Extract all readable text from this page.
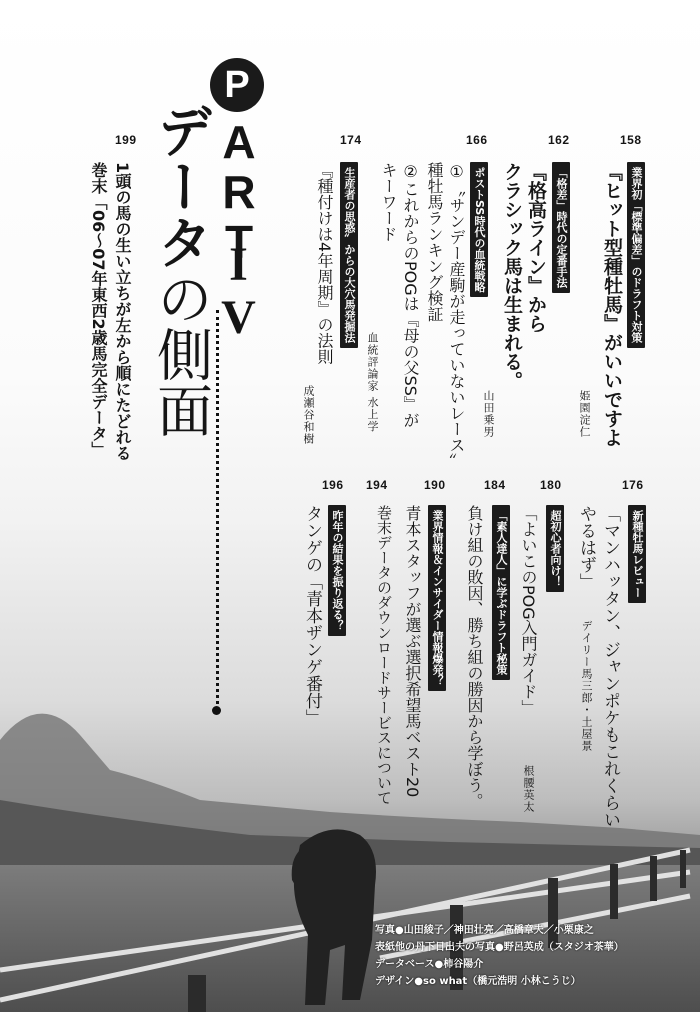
P
ART
IV
データの側面
199
1頭の馬の生い立ちが左から順にたどれる
巻末「06～07年東西2歳馬完全データ」
158
業界初「標準偏差」のドラフト対策
『ヒット型種牡馬』がいいですよ
姫園淀仁
162
「格差」時代の定番手法
『格高ライン』から
クラシック馬は生まれる。
山田乗男
166
ポストSS時代の血統戦略
①〝サンデー産駒が走っていないレース〟
種牡馬ランキング検証
②これからのPOGは『母の父SS』が
キーワード
血統評論家 水上学
174
生産者の思惑〟からの大穴馬発掘法
『種付けは4年周期』の法則
成瀬谷和樹
176
新種牡馬レビュー
「マンハッタン、ジャンポケもこれくらい
やるはず」
デイリー馬三郎・土屋景
180
超初心者向け！
「よいこのPOG入門ガイド」
根腰英太
184
「素人達人」に学ぶドラフト秘策
負け組の敗因、勝ち組の勝因から学ぼう。
190
業界情報＆インサイダー情報爆発？
青本スタッフが選ぶ選択希望馬ベスト20
194
巻末データのダウンロードサービスについて
196
昨年の結果を振り返る？
タンゲの「青本ザンゲ番付」
写真●山田綾子／神田壮亮／高橋章夫／小栗康之
表紙他の丹下日出夫の写真●野呂英成（スタジオ茶華）
データベース●柿谷陽介
デザイン●so what（橋元浩明 小林こうじ）
